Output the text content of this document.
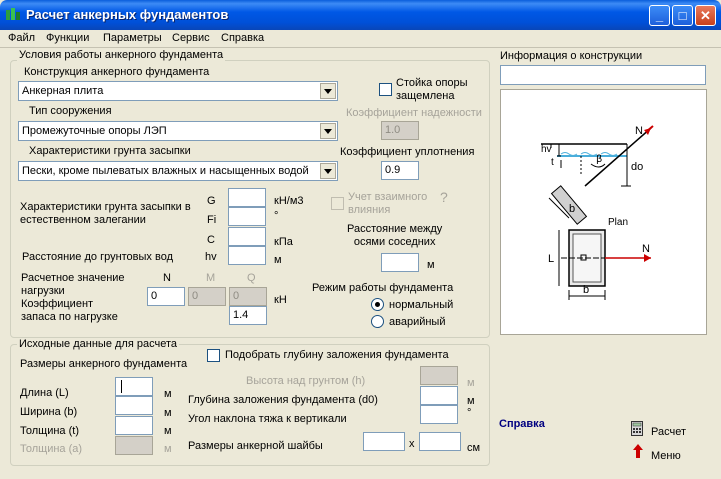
Расчет анкерных фундаментов	_	□	✕
Файл Функции Параметры Сервис Справка
Условия работы анкерного фундамента
Конструкция анкерного фундамента
Анкерная плита
Стойка опоры
защемлена
Тип сооружения
Промежуточные опоры ЛЭП
Коэффициент надежности
1.0
Характеристики грунта засыпки
Пески, кроме пылеватых влажных и насыщенных водой
Коэффициент уплотнения
0.9
Характеристики грунта засыпки в естественном залегании
G	кН/м3
Fi	°
C	кПа
Расстояние до грунтовых вод	hv	м
Учет взаимного
влияния
?
Расстояние между
осями соседних
м
Расчетное значение
нагрузки
N	M	Q
0	0	0	кН
Коэффициент
запаса по нагрузке	1.4
Режим работы фундамента
нормальный
аварийный
Информация о конструкции
hv
t
N
β
do
b
Plan
L
N
b
Исходные данные для расчета
Размеры анкерного фундамента
Подобрать глубину заложения фундамента
Длина (L)	м
Ширина (b)	м
Толщина (t)	м
Толщина (a)	м
Высота над грунтом (h)	м
Глубина заложения фундамента (d0)	м
Угол наклона тяжа к вертикали	°
Размеры анкерной шайбы	x	см
Справка
Расчет
Меню
